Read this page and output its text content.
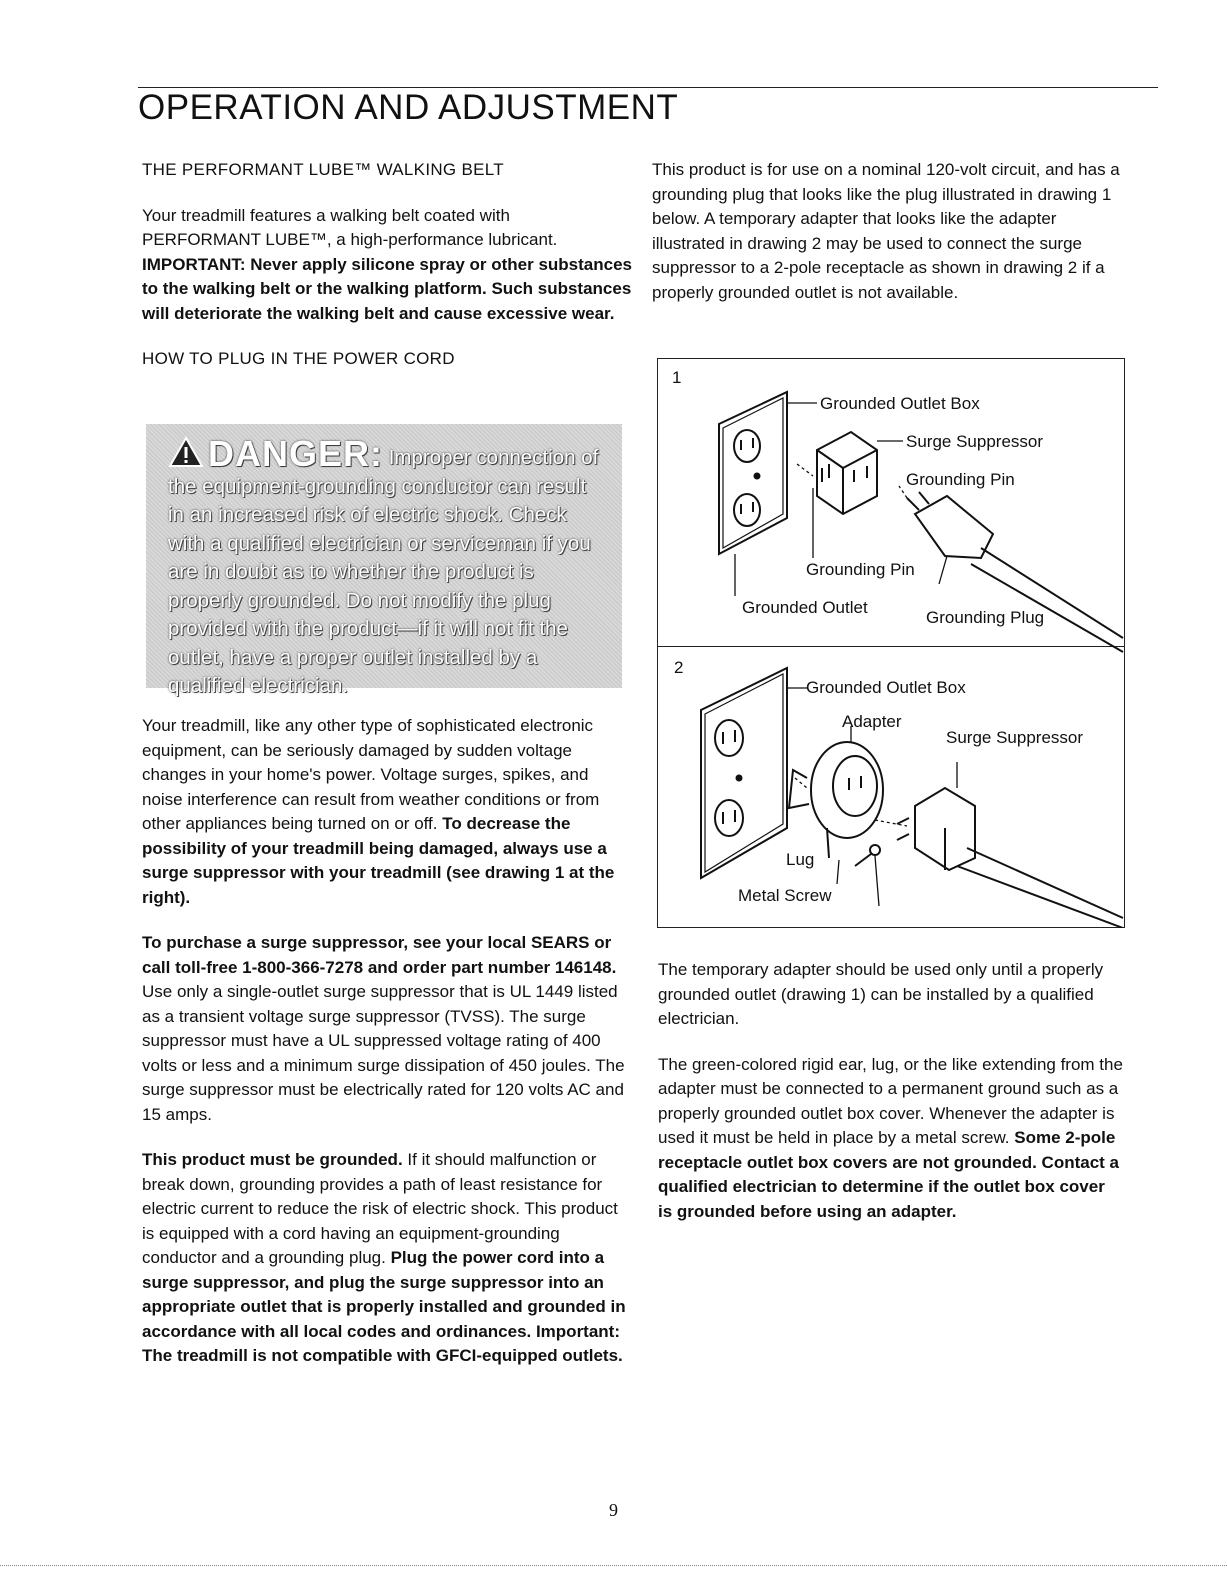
OPERATION AND ADJUSTMENT
THE PERFORMANT LUBE™ WALKING BELT

Your treadmill features a walking belt coated with PERFORMANT LUBE™, a high-performance lubricant. IMPORTANT: Never apply silicone spray or other substances to the walking belt or the walking platform. Such substances will deteriorate the walking belt and cause excessive wear.

HOW TO PLUG IN THE POWER CORD
DANGER: Improper connection of the equipment-grounding conductor can result in an increased risk of electric shock. Check with a qualified electrician or serviceman if you are in doubt as to whether the product is properly grounded. Do not modify the plug provided with the product—if it will not fit the outlet, have a proper outlet installed by a qualified electrician.

Your treadmill, like any other type of sophisticated electronic equipment, can be seriously damaged by sudden voltage changes in your home's power. Voltage surges, spikes, and noise interference can result from weather conditions or from other appliances being turned on or off. To decrease the possibility of your treadmill being damaged, always use a surge suppressor with your treadmill (see drawing 1 at the right).

To purchase a surge suppressor, see your local SEARS or call toll-free 1-800-366-7278 and order part number 146148. Use only a single-outlet surge suppressor that is UL 1449 listed as a transient voltage surge suppressor (TVSS). The surge suppressor must have a UL suppressed voltage rating of 400 volts or less and a minimum surge dissipation of 450 joules. The surge suppressor must be electrically rated for 120 volts AC and 15 amps.

This product must be grounded. If it should malfunction or break down, grounding provides a path of least resistance for electric current to reduce the risk of electric shock. This product is equipped with a cord having an equipment-grounding conductor and a grounding plug. Plug the power cord into a surge suppressor, and plug the surge suppressor into an appropriate outlet that is properly installed and grounded in accordance with all local codes and ordinances. Important: The treadmill is not compatible with GFCI-equipped outlets.

This product is for use on a nominal 120-volt circuit, and has a grounding plug that looks like the plug illustrated in drawing 1 below. A temporary adapter that looks like the adapter illustrated in drawing 2 may be used to connect the surge suppressor to a 2-pole receptacle as shown in drawing 2 if a properly grounded outlet is not available.

1
Grounded Outlet Box
Surge Suppressor
Grounding Pin
Grounding Pin
Grounded Outlet
Grounding Plug
2
Grounded Outlet Box
Adapter
Surge Suppressor
Lug
Metal Screw

The temporary adapter should be used only until a properly grounded outlet (drawing 1) can be installed by a qualified electrician.

The green-colored rigid ear, lug, or the like extending from the adapter must be connected to a permanent ground such as a properly grounded outlet box cover. Whenever the adapter is used it must be held in place by a metal screw. Some 2-pole receptacle outlet box covers are not grounded. Contact a qualified electrician to determine if the outlet box cover is grounded before using an adapter.

9
